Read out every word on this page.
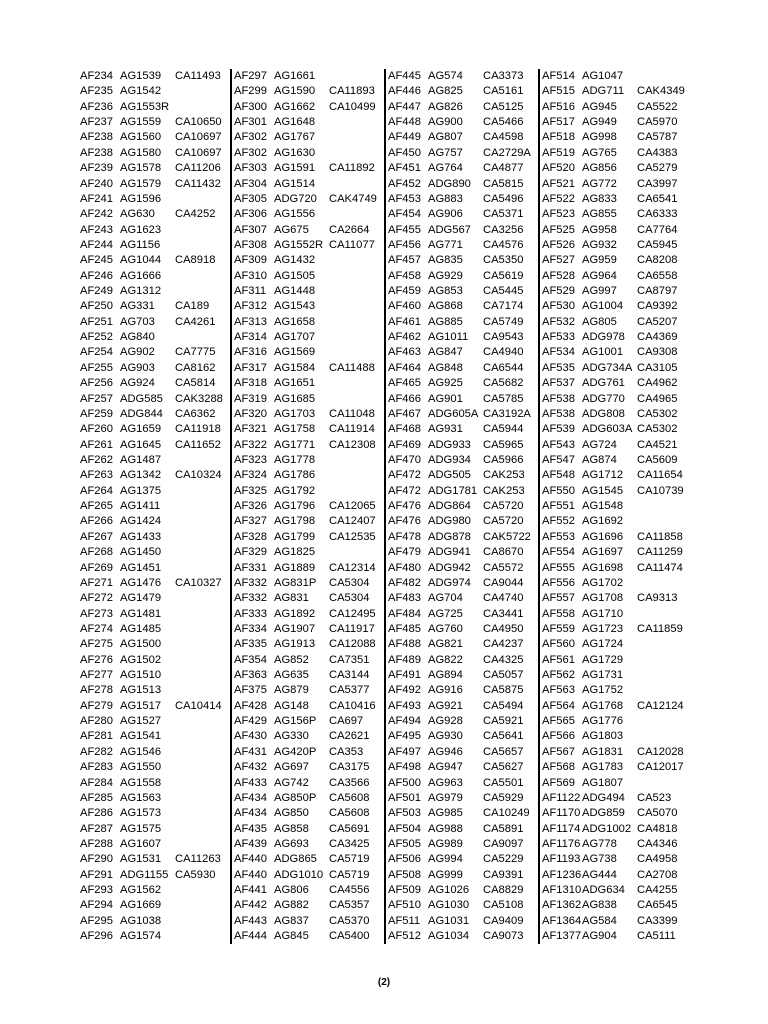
AF234 AG1539	CA11493
AF235 AG1542
AF236 AG1553R
AF237 AG1559	CA10650
AF238 AG1560	CA10697
AF238 AG1580	CA10697
AF239 AG1578	CA11206
AF240 AG1579	CA11432
AF241 AG1596
AF242 AG630	CA4252
AF243 AG1623
AF244 AG1156
AF245 AG1044	CA8918
AF246 AG1666
AF249 AG1312
AF250 AG331	CA189
AF251 AG703	CA4261
AF252 AG840
AF254 AG902	CA7775
AF255 AG903	CA8162
AF256 AG924	CA5814
AF257 ADG585	CAK3288
AF259 ADG844	CA6362
AF260 AG1659	CA11918
AF261 AG1645	CA11652
AF262 AG1487
AF263 AG1342	CA10324
AF264 AG1375
AF265 AG1411
AF266 AG1424
AF267 AG1433
AF268 AG1450
AF269 AG1451
AF271 AG1476	CA10327
AF272 AG1479
AF273 AG1481
AF274 AG1485
AF275 AG1500
AF276 AG1502
AF277 AG1510
AF278 AG1513
AF279 AG1517	CA10414
AF280 AG1527
AF281 AG1541
AF282 AG1546
AF283 AG1550
AF284 AG1558
AF285 AG1563
AF286 AG1573
AF287 AG1575
AF288 AG1607
AF290 AG1531	CA11263
AF291 ADG1155 CA5930
AF293 AG1562
AF294 AG1669
AF295 AG1038
AF296 AG1574
AF297 AG1661
AF299 AG1590	CA11893
AF300 AG1662	CA10499
AF301 AG1648
AF302 AG1767
AF302 AG1630
AF303 AG1591	CA11892
AF304 AG1514
AF305 ADG720	CAK4749
AF306 AG1556
AF307 AG675	CA2664
AF308 AG1552R CA11077
AF309 AG1432
AF310 AG1505
AF311 AG1448
AF312 AG1543
AF313 AG1658
AF314 AG1707
AF316 AG1569
AF317 AG1584	CA11488
AF318 AG1651
AF319 AG1685
AF320 AG1703	CA11048
AF321 AG1758	CA11914
AF322 AG1771	CA12308
AF323 AG1778
AF324 AG1786
AF325 AG1792
AF326 AG1796	CA12065
AF327 AG1798	CA12407
AF328 AG1799	CA12535
AF329 AG1825
AF331 AG1889	CA12314
AF332 AG831P	CA5304
AF332 AG831	CA5304
AF333 AG1892	CA12495
AF334 AG1907	CA11917
AF335 AG1913	CA12088
AF354 AG852	CA7351
AF363 AG635	CA3144
AF375 AG879	CA5377
AF428 AG148	CA10416
AF429 AG156P	CA697
AF430 AG330	CA2621
AF431 AG420P	CA353
AF432 AG697	CA3175
AF433 AG742	CA3566
AF434 AG850P	CA5608
AF434 AG850	CA5608
AF435 AG858	CA5691
AF439 AG693	CA3425
AF440 ADG865	CA5719
AF440 ADG1010 CA5719
AF441 AG806	CA4556
AF442 AG882	CA5357
AF443 AG837	CA5370
AF444 AG845	CA5400
AF445 AG574	CA3373
AF446 AG825	CA5161
AF447 AG826	CA5125
AF448 AG900	CA5466
AF449 AG807	CA4598
AF450 AG757	CA2729A
AF451 AG764	CA4877
AF452 ADG890	CA5815
AF453 AG883	CA5496
AF454 AG906	CA5371
AF455 ADG567	CA3256
AF456 AG771	CA4576
AF457 AG835	CA5350
AF458 AG929	CA5619
AF459 AG853	CA5445
AF460 AG868	CA7174
AF461 AG885	CA5749
AF462 AG1011	CA9543
AF463 AG847	CA4940
AF464 AG848	CA6544
AF465 AG925	CA5682
AF466 AG901	CA5785
AF467 ADG605A CA3192A
AF468 AG931	CA5944
AF469 ADG933	CA5965
AF470 ADG934	CA5966
AF472 ADG505	CAK253
AF472 ADG1781 CAK253
AF476 ADG864	CA5720
AF476 ADG980	CA5720
AF478 ADG878	CAK5722
AF479 ADG941	CA8670
AF480 ADG942	CA5572
AF482 ADG974	CA9044
AF483 AG704	CA4740
AF484 AG725	CA3441
AF485 AG760	CA4950
AF488 AG821	CA4237
AF489 AG822	CA4325
AF491 AG894	CA5057
AF492 AG916	CA5875
AF493 AG921	CA5494
AF494 AG928	CA5921
AF495 AG930	CA5641
AF497 AG946	CA5657
AF498 AG947	CA5627
AF500 AG963	CA5501
AF501 AG979	CA5929
AF503 AG985	CA10249
AF504 AG988	CA5891
AF505 AG989	CA9097
AF506 AG994	CA5229
AF508 AG999	CA9391
AF509 AG1026	CA8829
AF510 AG1030	CA5108
AF511 AG1031	CA9409
AF512 AG1034	CA9073
AF514 AG1047
AF515 ADG711	CAK4349
AF516 AG945	CA5522
AF517 AG949	CA5970
AF518 AG998	CA5787
AF519 AG765	CA4383
AF520 AG856	CA5279
AF521 AG772	CA3997
AF522 AG833	CA6541
AF523 AG855	CA6333
AF525 AG958	CA7764
AF526 AG932	CA5945
AF527 AG959	CA8208
AF528 AG964	CA6558
AF529 AG997	CA8797
AF530 AG1004	CA9392
AF532 AG805	CA5207
AF533 ADG978	CA4369
AF534 AG1001	CA9308
AF535 ADG734A CA3105
AF537 ADG761	CA4962
AF538 ADG770	CA4965
AF538 ADG808	CA5302
AF539 ADG603A CA5302
AF543 AG724	CA4521
AF547 AG874	CA5609
AF548 AG1712	CA11654
AF550 AG1545	CA10739
AF551 AG1548
AF552 AG1692
AF553 AG1696	CA11858
AF554 AG1697	CA11259
AF555 AG1698	CA11474
AF556 AG1702
AF557 AG1708	CA9313
AF558 AG1710
AF559 AG1723	CA11859
AF560 AG1724
AF561 AG1729
AF562 AG1731
AF563 AG1752
AF564 AG1768	CA12124
AF565 AG1776
AF566 AG1803
AF567 AG1831	CA12028
AF568 AG1783	CA12017
AF569 AG1807
AF1122 ADG494	CA523
AF1170 ADG859	CA5070
AF1174 ADG1002 CA4818
AF1176 AG778	CA4346
AF1193 AG738	CA4958
AF1236 AG444	CA2708
AF1310 ADG634	CA4255
AF1362 AG838	CA6545
AF1364 AG584	CA3399
AF1377 AG904	CA5111
(2)
